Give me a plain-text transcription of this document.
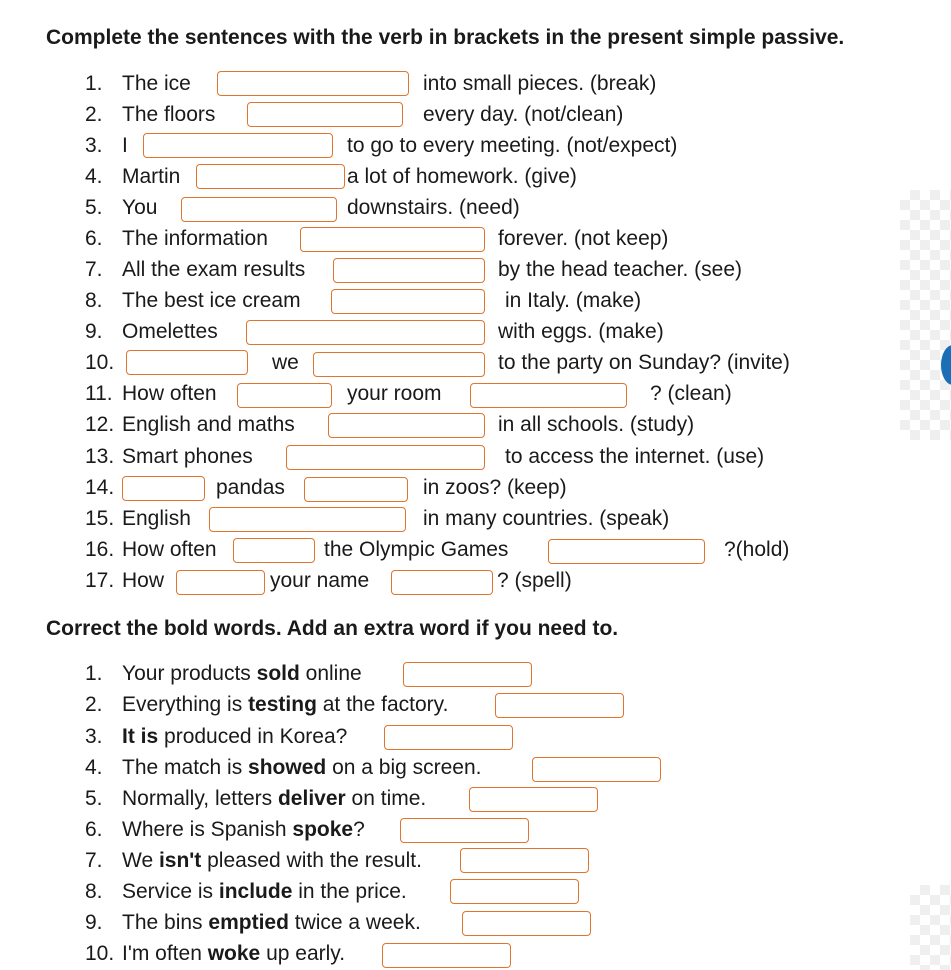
Complete the sentences with the verb in brackets in the present simple passive.
1. The ice	into small pieces. (break)
2. The floors	every day. (not/clean)
3. I	to go to every meeting. (not/expect)
4. Martin	a lot of homework. (give)
5. You	downstairs. (need)
6. The information	forever. (not keep)
7. All the exam results	by the head teacher. (see)
8. The best ice cream	in Italy. (make)
9. Omelettes	with eggs. (make)
10.	we	to the party on Sunday? (invite)
11. How often	your room	? (clean)
12. English and maths	in all schools. (study)
13. Smart phones	to access the internet. (use)
14.	pandas	in zoos? (keep)
15. English	in many countries. (speak)
16. How often	the Olympic Games	?(hold)
17. How	your name	? (spell)
Correct the bold words. Add an extra word if you need to.
1. Your products sold online
2. Everything is testing at the factory.
3. It is produced in Korea?
4. The match is showed on a big screen.
5. Normally, letters deliver on time.
6. Where is Spanish spoke?
7. We isn't pleased with the result.
8. Service is include in the price.
9. The bins emptied twice a week.
10. I'm often woke up early.
